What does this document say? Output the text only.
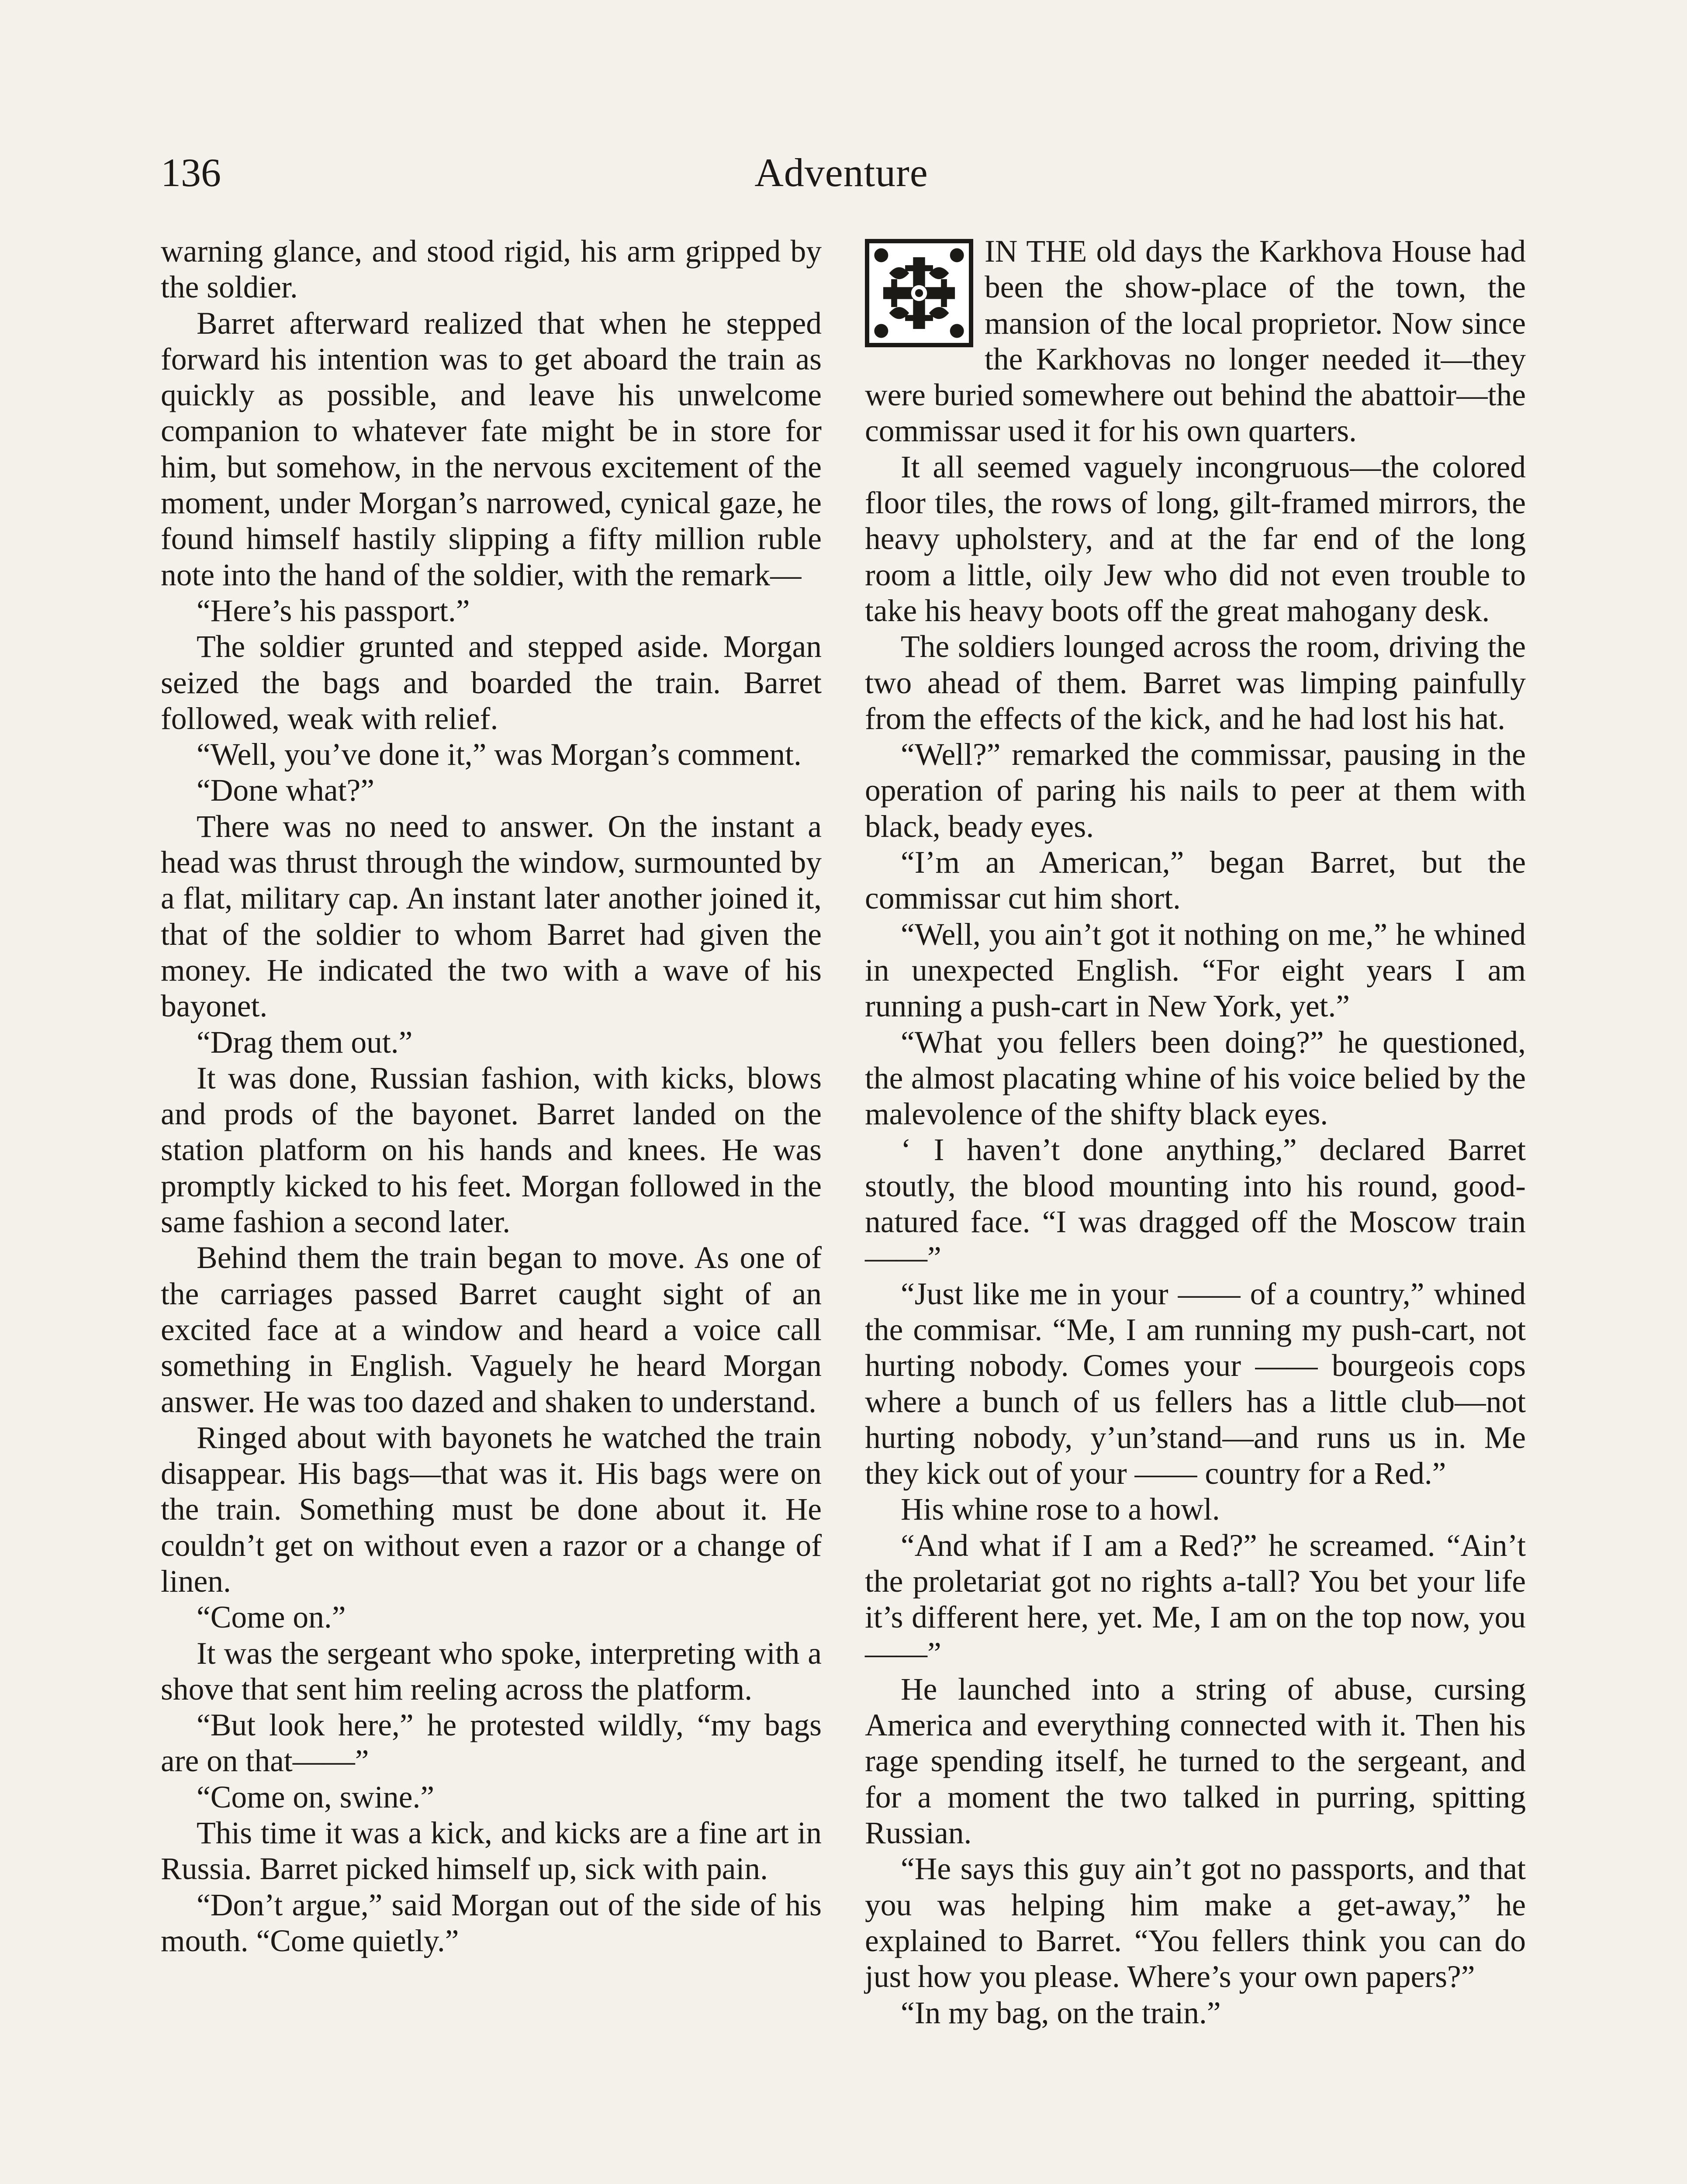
136	Adventure

warning glance, and stood rigid, his arm gripped by the soldier.

Barret afterward realized that when he stepped forward his intention was to get aboard the train as quickly as possible, and leave his unwelcome companion to whatever fate might be in store for him, but somehow, in the nervous excitement of the moment, under Morgan’s narrowed, cynical gaze, he found himself hastily slipping a fifty million ruble note into the hand of the soldier, with the remark—

“Here’s his passport.”

The soldier grunted and stepped aside. Morgan seized the bags and boarded the train. Barret followed, weak with relief.

“Well, you’ve done it,” was Morgan’s comment.

“Done what?”

There was no need to answer. On the instant a head was thrust through the window, surmounted by a flat, military cap. An instant later another joined it, that of the soldier to whom Barret had given the money. He indicated the two with a wave of his bayonet.

“Drag them out.”

It was done, Russian fashion, with kicks, blows and prods of the bayonet. Barret landed on the station platform on his hands and knees. He was promptly kicked to his feet. Morgan followed in the same fashion a second later.

Behind them the train began to move. As one of the carriages passed Barret caught sight of an excited face at a window and heard a voice call something in English. Vaguely he heard Morgan answer. He was too dazed and shaken to understand.

Ringed about with bayonets he watched the train disappear. His bags—that was it. His bags were on the train. Something must be done about it. He couldn’t get on without even a razor or a change of linen.

“Come on.”

It was the sergeant who spoke, interpreting with a shove that sent him reeling across the platform.

“But look here,” he protested wildly, “my bags are on that——”

“Come on, swine.”

This time it was a kick, and kicks are a fine art in Russia. Barret picked himself up, sick with pain.

“Don’t argue,” said Morgan out of the side of his mouth. “Come quietly.”

IN THE old days the Karkhova House had been the show-place of the town, the mansion of the local proprietor. Now since the Karkhovas no longer needed it—they were buried somewhere out behind the abattoir—the commissar used it for his own quarters.

It all seemed vaguely incongruous—the colored floor tiles, the rows of long, gilt-framed mirrors, the heavy upholstery, and at the far end of the long room a little, oily Jew who did not even trouble to take his heavy boots off the great mahogany desk.

The soldiers lounged across the room, driving the two ahead of them. Barret was limping painfully from the effects of the kick, and he had lost his hat.

“Well?” remarked the commissar, pausing in the operation of paring his nails to peer at them with black, beady eyes.

“I’m an American,” began Barret, but the commissar cut him short.

“Well, you ain’t got it nothing on me,” he whined in unexpected English. “For eight years I am running a push-cart in New York, yet.”

“What you fellers been doing?” he questioned, the almost placating whine of his voice belied by the malevolence of the shifty black eyes.

‘ I haven’t done anything,” declared Barret stoutly, the blood mounting into his round, good-natured face. “I was dragged off the Moscow train——”

“Just like me in your —— of a country,” whined the commisar. “Me, I am running my push-cart, not hurting nobody. Comes your —— bourgeois cops where a bunch of us fellers has a little club—not hurting nobody, y’un’stand—and runs us in. Me they kick out of your —— country for a Red.”

His whine rose to a howl.

“And what if I am a Red?” he screamed. “Ain’t the proletariat got no rights a-tall? You bet your life it’s different here, yet. Me, I am on the top now, you——”

He launched into a string of abuse, cursing America and everything connected with it. Then his rage spending itself, he turned to the sergeant, and for a moment the two talked in purring, spitting Russian.

“He says this guy ain’t got no passports, and that you was helping him make a get-away,” he explained to Barret. “You fellers think you can do just how you please. Where’s your own papers?”

“In my bag, on the train.”
